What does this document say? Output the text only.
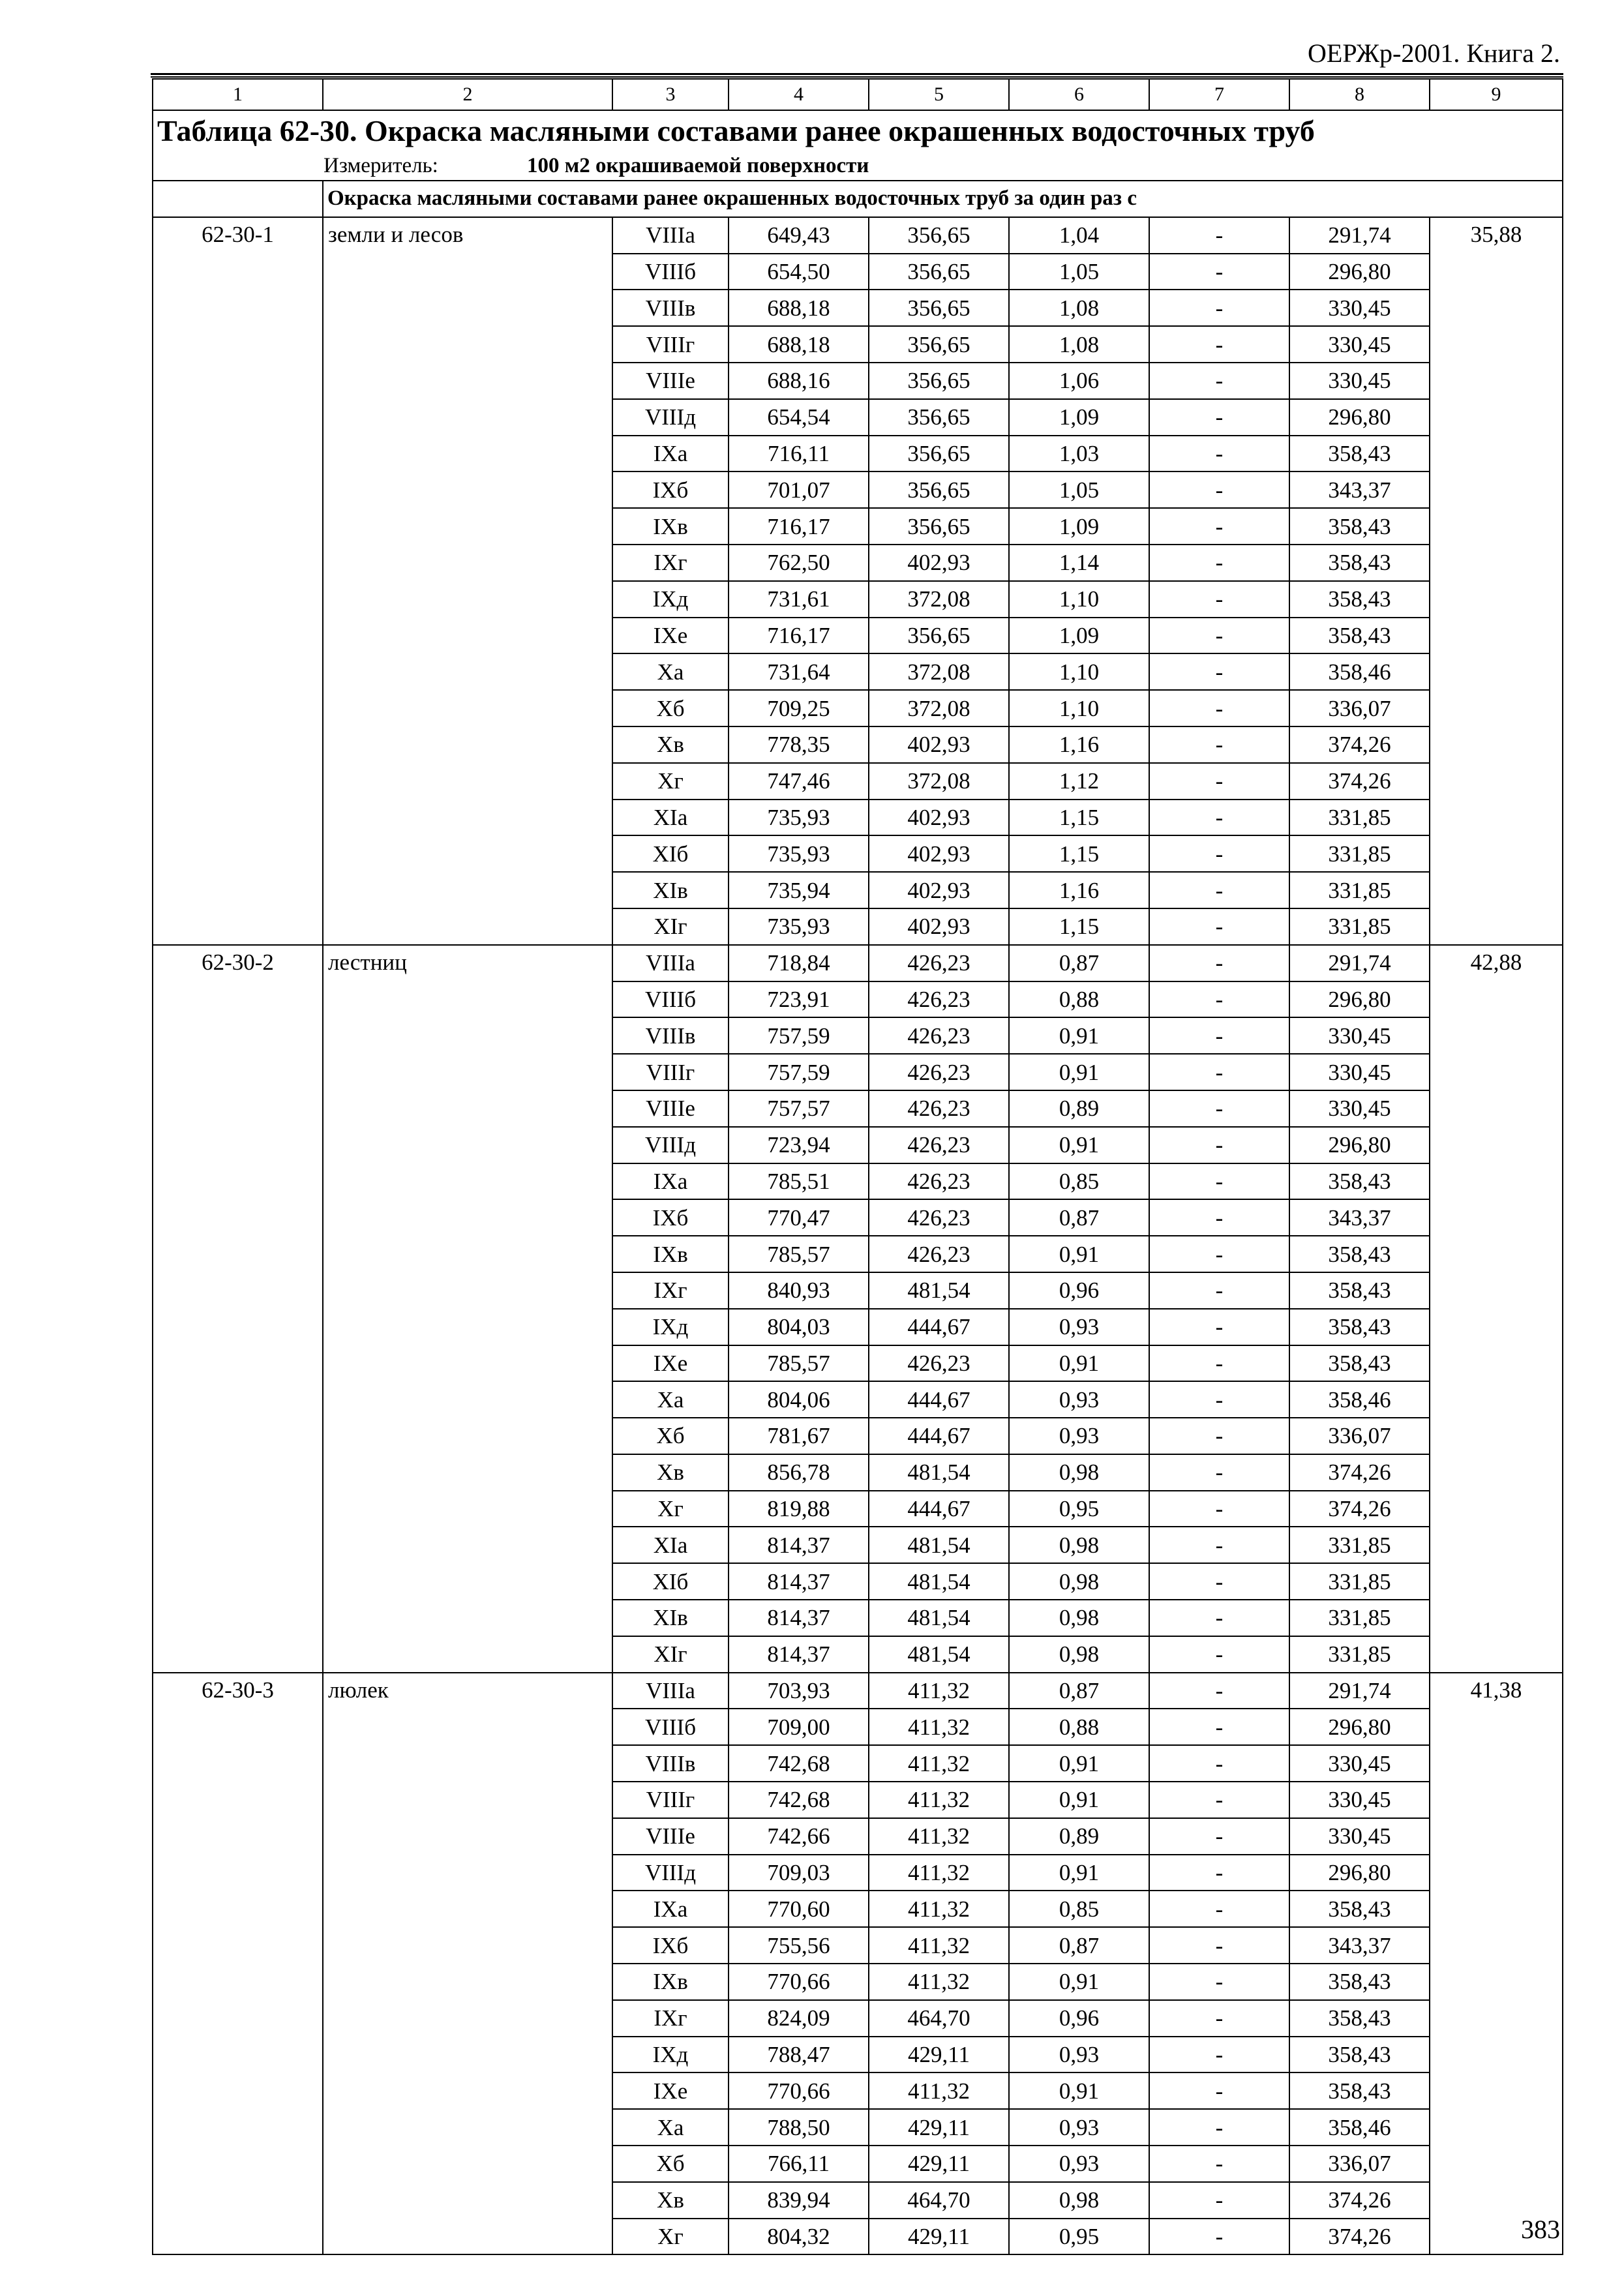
ОЕРЖр-2001. Книга 2.
1	2	3	4	5	6	7	8	9
Таблица 62-30. Окраска масляными составами ранее окрашенных водосточных труб								
Измеритель: 100 м2 окрашиваемой поверхности								
	Окраска масляными составами ранее окрашенных водосточных труб за один раз с							
62-30-1	земли и лесов	VIIIа	649,43	356,65	1,04	-	291,74	35,88
		VIIIб	654,50	356,65	1,05	-	296,80	
		VIIIв	688,18	356,65	1,08	-	330,45	
		VIIIг	688,18	356,65	1,08	-	330,45	
		VIIIе	688,16	356,65	1,06	-	330,45	
		VIIIд	654,54	356,65	1,09	-	296,80	
		IXа	716,11	356,65	1,03	-	358,43	
		IXб	701,07	356,65	1,05	-	343,37	
		IXв	716,17	356,65	1,09	-	358,43	
		IXг	762,50	402,93	1,14	-	358,43	
		IXд	731,61	372,08	1,10	-	358,43	
		IXе	716,17	356,65	1,09	-	358,43	
		Xа	731,64	372,08	1,10	-	358,46	
		Xб	709,25	372,08	1,10	-	336,07	
		Xв	778,35	402,93	1,16	-	374,26	
		Xг	747,46	372,08	1,12	-	374,26	
		XIа	735,93	402,93	1,15	-	331,85	
		XIб	735,93	402,93	1,15	-	331,85	
		XIв	735,94	402,93	1,16	-	331,85	
		XIг	735,93	402,93	1,15	-	331,85	
62-30-2	лестниц	VIIIа	718,84	426,23	0,87	-	291,74	42,88
		VIIIб	723,91	426,23	0,88	-	296,80	
		VIIIв	757,59	426,23	0,91	-	330,45	
		VIIIг	757,59	426,23	0,91	-	330,45	
		VIIIе	757,57	426,23	0,89	-	330,45	
		VIIIд	723,94	426,23	0,91	-	296,80	
		IXа	785,51	426,23	0,85	-	358,43	
		IXб	770,47	426,23	0,87	-	343,37	
		IXв	785,57	426,23	0,91	-	358,43	
		IXг	840,93	481,54	0,96	-	358,43	
		IXд	804,03	444,67	0,93	-	358,43	
		IXе	785,57	426,23	0,91	-	358,43	
		Xа	804,06	444,67	0,93	-	358,46	
		Xб	781,67	444,67	0,93	-	336,07	
		Xв	856,78	481,54	0,98	-	374,26	
		Xг	819,88	444,67	0,95	-	374,26	
		XIа	814,37	481,54	0,98	-	331,85	
		XIб	814,37	481,54	0,98	-	331,85	
		XIв	814,37	481,54	0,98	-	331,85	
		XIг	814,37	481,54	0,98	-	331,85	
62-30-3	люлек	VIIIа	703,93	411,32	0,87	-	291,74	41,38
		VIIIб	709,00	411,32	0,88	-	296,80	
		VIIIв	742,68	411,32	0,91	-	330,45	
		VIIIг	742,68	411,32	0,91	-	330,45	
		VIIIе	742,66	411,32	0,89	-	330,45	
		VIIIд	709,03	411,32	0,91	-	296,80	
		IXа	770,60	411,32	0,85	-	358,43	
		IXб	755,56	411,32	0,87	-	343,37	
		IXв	770,66	411,32	0,91	-	358,43	
		IXг	824,09	464,70	0,96	-	358,43	
		IXд	788,47	429,11	0,93	-	358,43	
		IXе	770,66	411,32	0,91	-	358,43	
		Xа	788,50	429,11	0,93	-	358,46	
		Xб	766,11	429,11	0,93	-	336,07	
		Xв	839,94	464,70	0,98	-	374,26	
		Xг	804,32	429,11	0,95	-	374,26		383
